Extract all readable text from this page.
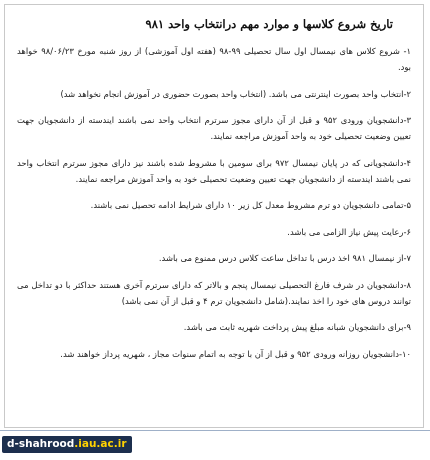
تاریخ شروع کلاسها و موارد مهم درانتخاب واحد ۹۸۱

۱- شروع کلاس های نیمسال اول سال تحصیلی ۹۹-۹۸ (هفته اول آموزشی) از روز شنبه مورخ ۹۸/۰۶/۲۳ خواهد بود.

۲-انتخاب واحد بصورت اینترنتی می باشد. (انتخاب واحد بصورت حضوری در آموزش انجام نخواهد شد)

۳-دانشجویان ورودی ۹۵۲ و قبل از آن دارای مجوز سرترم انتخاب واحد نمی باشند ایندسته از دانشجویان جهت تعیین وضعیت تحصیلی خود به واحد آموزش مراجعه نمایند.

۴-دانشجویانی که در پایان نیمسال ۹۷۲ برای سومین با مشروط شده باشند نیز دارای مجوز سرترم انتخاب واحد نمی باشند ایندسته از دانشجویان جهت تعیین وضعیت تحصیلی خود به واحد آموزش مراجعه نمایند.

۵-تمامی دانشجویان دو ترم مشروط معدل کل زیر ۱۰ دارای شرایط ادامه تحصیل نمی باشند.

۶-رعایت پیش نیاز الزامی می باشد.

۷-از نیمسال ۹۸۱ اخذ درس با تداخل ساعت کلاس درس ممنوع می باشد.

۸-دانشجویان در شرف فارغ التحصیلی نیمسال پنجم و بالاتر که دارای سرترم آخری هستند حداکثر با دو تداخل می توانند دروس های خود را اخذ نمایند.(شامل دانشجویان ترم ۴ و قبل از آن نمی باشد)

۹-برای دانشجویان شبانه مبلغ پیش پرداخت شهریه ثابت می باشد.

۱۰-دانشجویان روزانه ورودی ۹۵۲ و قبل از آن با توجه به اتمام سنوات مجاز ، شهریه پرداز خواهند شد.

d-shahrood.iau.ac.ir
